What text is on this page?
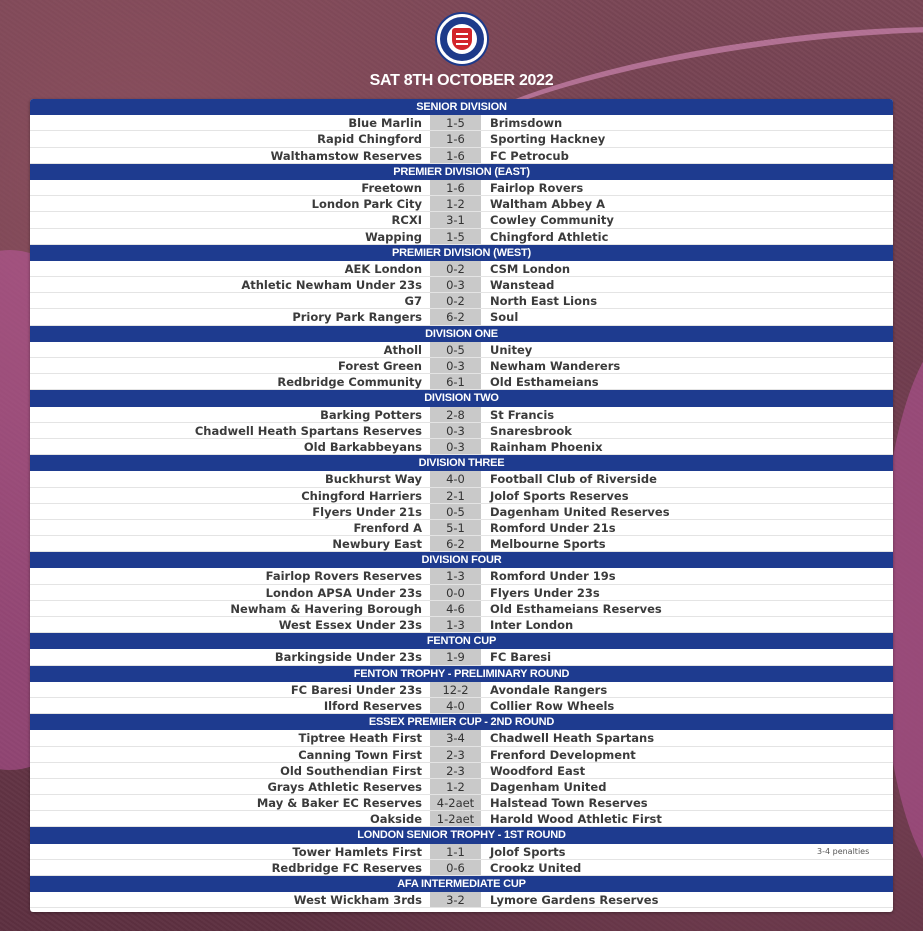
SAT 8TH OCTOBER 2022
SENIOR DIVISION
Blue Marlin	1-5	Brimsdown
Rapid Chingford	1-6	Sporting Hackney
Walthamstow Reserves	1-6	FC Petrocub
PREMIER DIVISION (EAST)
Freetown	1-6	Fairlop Rovers
London Park City	1-2	Waltham Abbey A
RCXI	3-1	Cowley Community
Wapping	1-5	Chingford Athletic
PREMIER DIVISION (WEST)
AEK London	0-2	CSM London
Athletic Newham Under 23s	0-3	Wanstead
G7	0-2	North East Lions
Priory Park Rangers	6-2	Soul
DIVISION ONE
Atholl	0-5	Unitey
Forest Green	0-3	Newham Wanderers
Redbridge Community	6-1	Old Esthameians
DIVISION TWO
Barking Potters	2-8	St Francis
Chadwell Heath Spartans Reserves	0-3	Snaresbrook
Old Barkabbeyans	0-3	Rainham Phoenix
DIVISION THREE
Buckhurst Way	4-0	Football Club of Riverside
Chingford Harriers	2-1	Jolof Sports Reserves
Flyers Under 21s	0-5	Dagenham United Reserves
Frenford A	5-1	Romford Under 21s
Newbury East	6-2	Melbourne Sports
DIVISION FOUR
Fairlop Rovers Reserves	1-3	Romford Under 19s
London APSA Under 23s	0-0	Flyers Under 23s
Newham & Havering Borough	4-6	Old Esthameians Reserves
West Essex Under 23s	1-3	Inter London
FENTON CUP
Barkingside Under 23s	1-9	FC Baresi
FENTON TROPHY - PRELIMINARY ROUND
FC Baresi Under 23s	12-2	Avondale Rangers
Ilford Reserves	4-0	Collier Row Wheels
ESSEX PREMIER CUP - 2ND ROUND
Tiptree Heath First	3-4	Chadwell Heath Spartans
Canning Town First	2-3	Frenford Development
Old Southendian First	2-3	Woodford East
Grays Athletic Reserves	1-2	Dagenham United
May & Baker EC Reserves	4-2aet	Halstead Town Reserves
Oakside	1-2aet	Harold Wood Athletic First
LONDON SENIOR TROPHY - 1ST ROUND
Tower Hamlets First	1-1	Jolof Sports	3-4 penalties
Redbridge FC Reserves	0-6	Crookz United
AFA INTERMEDIATE CUP
West Wickham 3rds	3-2	Lymore Gardens Reserves
